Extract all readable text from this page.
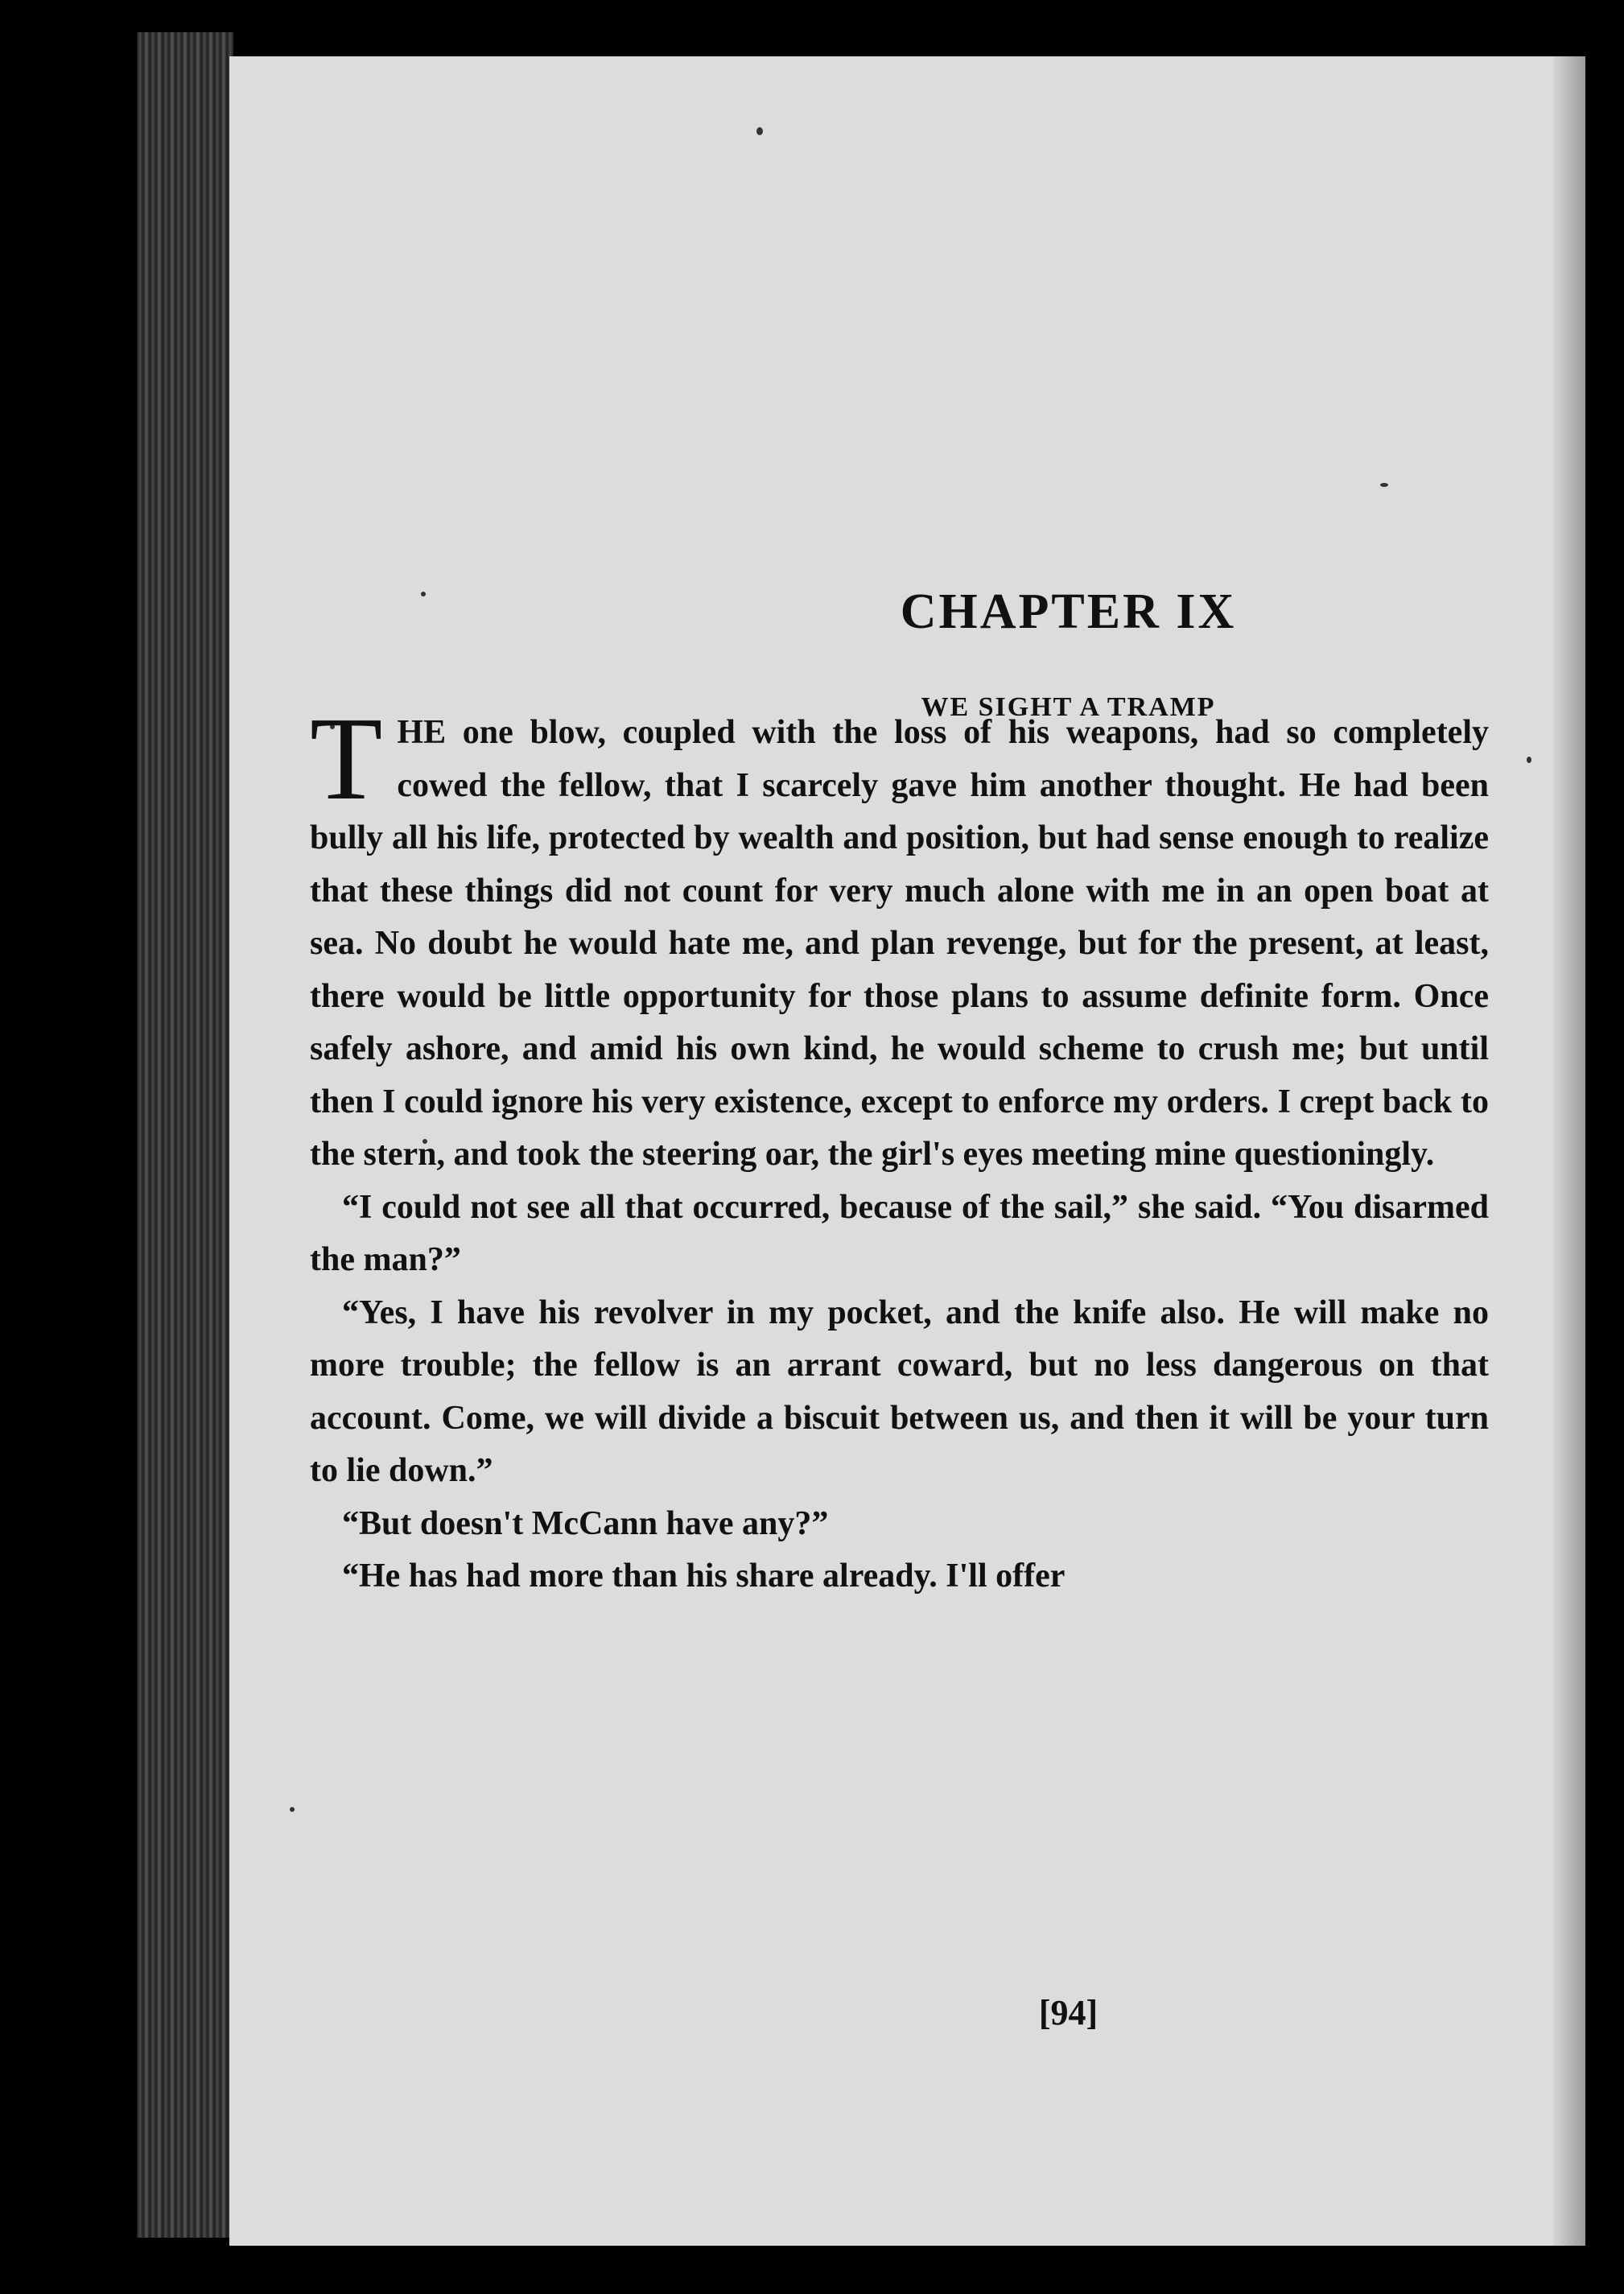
CHAPTER IX
WE SIGHT A TRAMP
[94]

THE one blow, coupled with the loss of his weapons, had so completely cowed the fellow, that I scarcely gave him another thought. He had been bully all his life, protected by wealth and position, but had sense enough to realize that these things did not count for very much alone with me in an open boat at sea. No doubt he would hate me, and plan revenge, but for the present, at least, there would be little opportunity for those plans to assume definite form. Once safely ashore, and amid his own kind, he would scheme to crush me; but until then I could ignore his very existence, except to enforce my orders. I crept back to the stern, and took the steering oar, the girl's eyes meeting mine questioningly.

“I could not see all that occurred, because of the sail,” she said. “You disarmed the man?”

“Yes, I have his revolver in my pocket, and the knife also. He will make no more trouble; the fellow is an arrant coward, but no less dangerous on that account. Come, we will divide a biscuit between us, and then it will be your turn to lie down.”

“But doesn't McCann have any?”

“He has had more than his share already. I'll offer
